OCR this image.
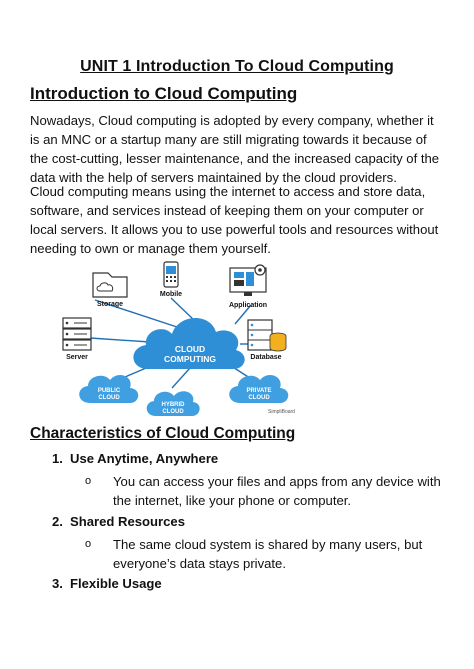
UNIT 1 Introduction To Cloud Computing
Introduction to Cloud Computing
Nowadays, Cloud computing is adopted by every company, whether it is an MNC or a startup many are still migrating towards it because of the cost-cutting, lesser maintenance, and the increased capacity of the data with the help of servers maintained by the cloud providers.
Cloud computing means using the internet to access and store data, software, and services instead of keeping them on your computer or local servers. It allows you to use powerful tools and resources without needing to own or manage them yourself.
CLOUD
COMPUTING
Storage
Mobile
Application
Server	Database
PUBLIC
CLOUD
HYBRID
CLOUD
PRIVATE
CLOUD
SimpliBoard
Characteristics of Cloud Computing
1. Use Anytime, Anywhere
o You can access your files and apps from any device with the internet, like your phone or computer.
2. Shared Resources
o The same cloud system is shared by many users, but everyone’s data stays private.
3. Flexible Usage
